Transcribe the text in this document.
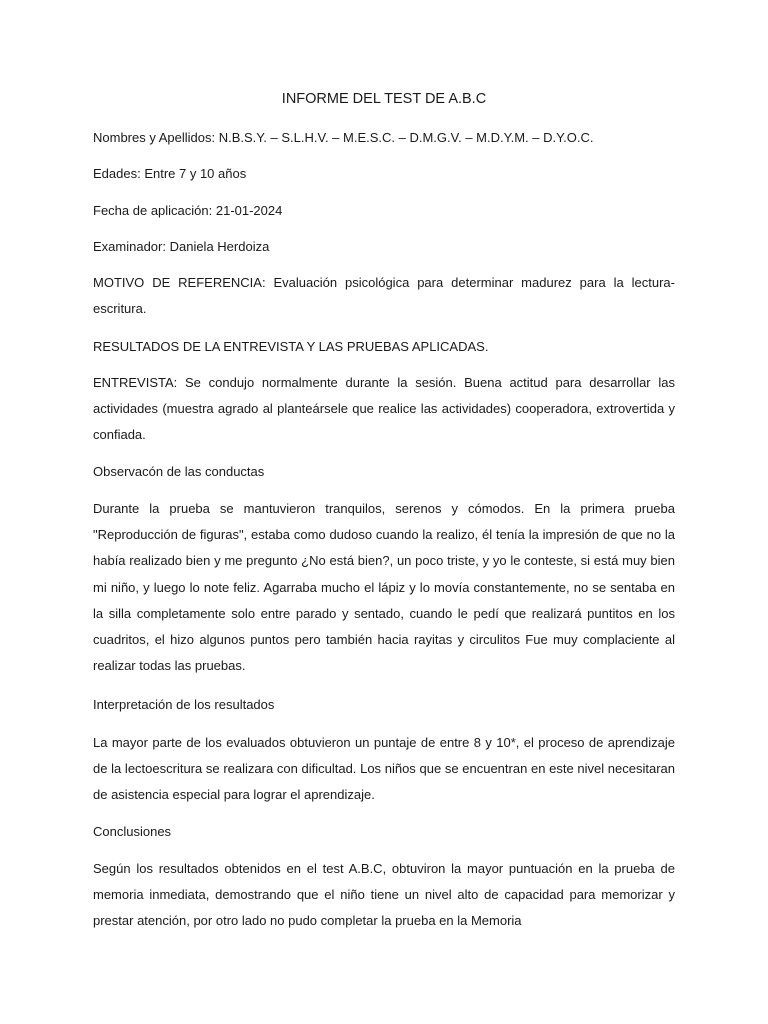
INFORME DEL TEST DE A.B.C

Nombres y Apellidos: N.B.S.Y. – S.L.H.V. – M.E.S.C. – D.M.G.V. – M.D.Y.M. – D.Y.O.C.

Edades: Entre 7 y 10 años

Fecha de aplicación: 21-01-2024

Examinador: Daniela Herdoiza

MOTIVO DE REFERENCIA: Evaluación psicológica para determinar madurez para la lectura-escritura.

RESULTADOS DE LA ENTREVISTA Y LAS PRUEBAS APLICADAS.

ENTREVISTA: Se condujo normalmente durante la sesión. Buena actitud para desarrollar las actividades (muestra agrado al planteársele que realice las actividades) cooperadora, extrovertida y confiada.

Observacón de las conductas

Durante la prueba se mantuvieron tranquilos, serenos y cómodos. En la primera prueba "Reproducción de figuras", estaba como dudoso cuando la realizo, él tenía la impresión de que no la había realizado bien y me pregunto ¿No está bien?, un poco triste, y yo le conteste, si está muy bien mi niño, y luego lo note feliz. Agarraba mucho el lápiz y lo movía constantemente, no se sentaba en la silla completamente solo entre parado y sentado, cuando le pedí que realizará puntitos en los cuadritos, el hizo algunos puntos pero también hacia rayitas y circulitos Fue muy complaciente al realizar todas las pruebas.

Interpretación de los resultados

La mayor parte de los evaluados obtuvieron un puntaje de entre 8 y 10*, el proceso de aprendizaje de la lectoescritura se realizara con dificultad. Los niños que se encuentran en este nivel necesitaran de asistencia especial para lograr el aprendizaje.

Conclusiones

Según los resultados obtenidos en el test A.B.C, obtuviron la mayor puntuación en la prueba de memoria inmediata, demostrando que el niño tiene un nivel alto de capacidad para memorizar y prestar atención, por otro lado no pudo completar la prueba en la Memoria
